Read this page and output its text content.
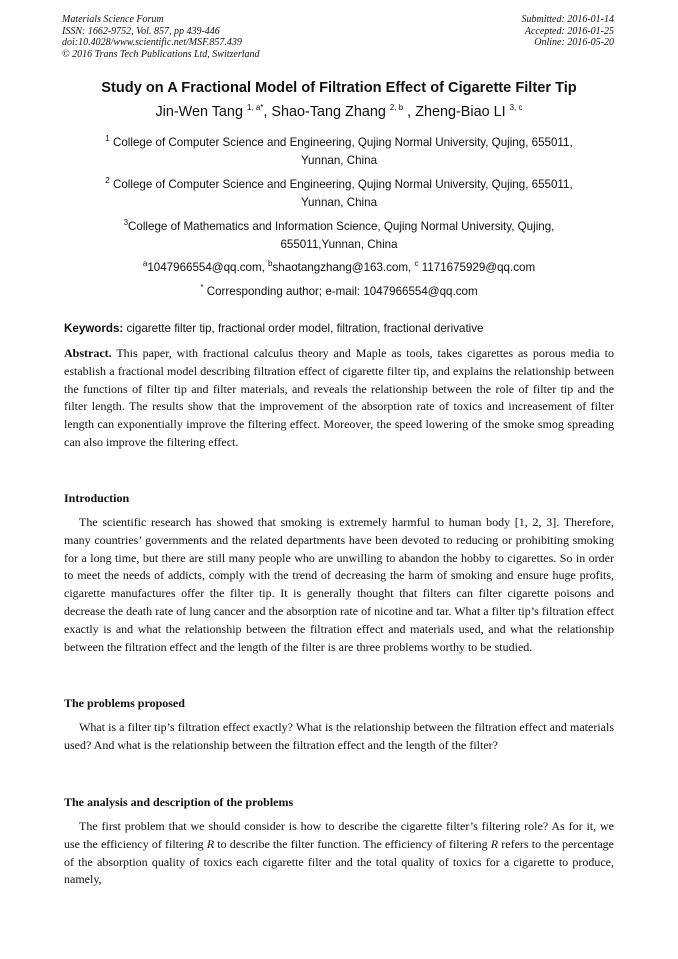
Materials Science Forum
ISSN: 1662-9752, Vol. 857, pp 439-446
doi:10.4028/www.scientific.net/MSF.857.439
© 2016 Trans Tech Publications Ltd, Switzerland
Submitted: 2016-01-14
Accepted: 2016-01-25
Online: 2016-05-20
Study on A Fractional Model of Filtration Effect of Cigarette Filter Tip
Jin-Wen Tang $^{1, a*}$, Shao-Tang Zhang $^{2, b}$ , Zheng-Biao LI $^{3, c}$
$^1$ College of Computer Science and Engineering, Qujing Normal University, Qujing, 655011,
Yunnan, China
$^2$ College of Computer Science and Engineering, Qujing Normal University, Qujing, 655011,
Yunnan, China
$^3$College of Mathematics and Information Science, Qujing Normal University, Qujing,
655011,Yunnan, China
$^a$1047966554@qq.com, $^b$shaotangzhang@163.com, $^c$ 1171675929@qq.com
* Corresponding author; e-mail: 1047966554@qq.com
Keywords: cigarette filter tip, fractional order model, filtration, fractional derivative
Abstract. This paper, with fractional calculus theory and Maple as tools, takes cigarettes as porous media to establish a fractional model describing filtration effect of cigarette filter tip, and explains the relationship between the functions of filter tip and filter materials, and reveals the relationship between the role of filter tip and the filter length. The results show that the improvement of the absorption rate of toxics and increasement of filter length can exponentially improve the filtering effect. Moreover, the speed lowering of the smoke smog spreading can also improve the filtering effect.
Introduction
The scientific research has showed that smoking is extremely harmful to human body [1, 2, 3]. Therefore, many countries’ governments and the related departments have been devoted to reducing or prohibiting smoking for a long time, but there are still many people who are unwilling to abandon the hobby to cigarettes. So in order to meet the needs of addicts, comply with the trend of decreasing the harm of smoking and ensure huge profits, cigarette manufactures offer the filter tip. It is generally thought that filters can filter cigarette poisons and decrease the death rate of lung cancer and the absorption rate of nicotine and tar. What a filter tip’s filtration effect exactly is and what the relationship between the filtration effect and materials used, and what the relationship between the filtration effect and the length of the filter is are three problems worthy to be studied.
The problems proposed
What is a filter tip’s filtration effect exactly? What is the relationship between the filtration effect and materials used? And what is the relationship between the filtration effect and the length of the filter?
The analysis and description of the problems
The first problem that we should consider is how to describe the cigarette filter’s filtering role? As for it, we use the efficiency of filtering R to describe the filter function. The efficiency of filtering R refers to the percentage of the absorption quality of toxics each cigarette filter and the total quality of toxics for a cigarette to produce, namely,
